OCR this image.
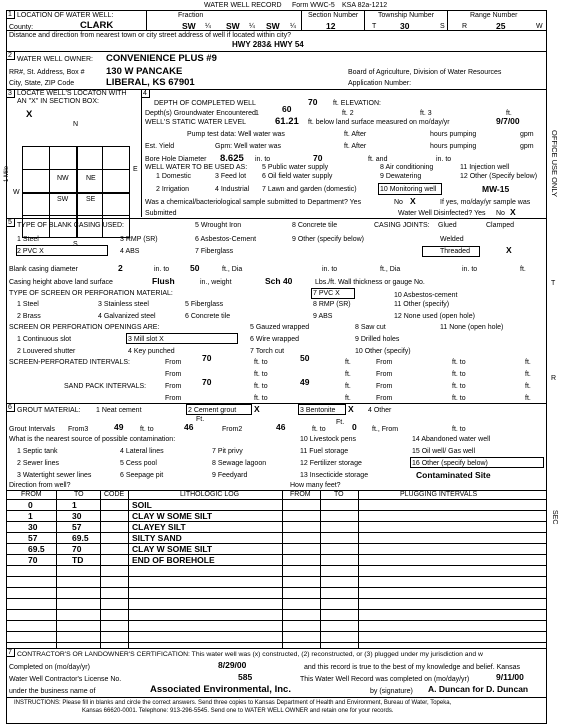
WATER WELL RECORD Form WWC-5 KSA 82a-1212
1 LOCATION OF WATER WELL:
County:	CLARK
Fraction
SW ¼ SW ¼ SW ¼
Section Number
12
Township Number
T	30	S
Range Number
R	25	W
Distance and direction from nearest town or city street address of well if located within city?
HWY 283& HWY 54
2
WATER WELL OWNER: CONVENIENCE PLUS #9
RR#, St. Address, Box # 130 W PANCAKE
City, State, ZIP Code	LIBERAL, KS 67901
Board of Agriculture, Division of Water Resources
Application Number:
3 LOCATE WELL'S LOCATON WITH
AN "X" IN SECTION BOX:
X
N
S
W
E
1 Mile	NW NE
SW	SE
4
DEPTH OF COMPLETED WELL	70 ft. ELEVATION:
Depth(s) Groundwater Encountered 1	60	ft. 2	ft. 3	ft.
WELL'S STATIC WATER LEVEL	61.21 ft. below land surface measured on mo/day/yr	9/7/00
Pump test data: Well water was	ft. After	hours pumping	gpm
Est. Yield	Gpm: Well water was	ft. After	hours pumping	gpm
Bore Hole Diameter 8.625 in. to	70	ft. and	in. to
WELL WATER TO BE USED AS: 5 Public water supply	8 Air conditioning	11 Injection well
1 Domestic	3 Feed lot 6 Oil field water supply	9 Dewatering	12 Other (Specify below)
2 Irrigation	4 Industrial 7 Lawn and garden (domestic)	10 Monitoring well	MW-15
Was a chemical/bacteriological sample submitted to Department? Yes	No X	If yes, mo/day/yr sample was
Submitted	Water Well Disinfected? Yes No X
5 TYPE OF BLANK CASING USED:
1 Steel
2 PVC X
3 RMP (SR)
4 ABS
5 Wrought Iron
6 Asbestos-Cement
7 Fiberglass
8 Concrete tile
9 Other (specify below)
CASING JOINTS: Glued	Clamped
Welded
Threaded	X
Blank casing diameter	2	in. to 50	ft., Dia	in. to	ft., Dia	in. to	ft.
Casing height above land surface	Flush	in., weight	Sch 40	Lbs./ft. Wall thickness or gauge No.
TYPE OF SCREEN OR PERFORATION MATERIAL:
1 Steel
2 Brass
3 Stainless steel
4 Galvanized steel
5 Fiberglass
6 Concrete tile
7 PVC X
8 RMP (SR)
9 ABS
10 Asbestos-cement
11 Other (specify)
12 None used (open hole)
SCREEN OR PERFORATION OPENINGS ARE:
1 Continuous slot
2 Louvered shutter
3 Mill slot X
4 Key punched
5 Gauzed wrapped
6 Wire wrapped
7 Torch cut
8 Saw cut
9 Drilled holes
10 Other (specify)
11 None (open hole)
SCREEN-PERFORATED INTERVALS:	From 70	ft. to	50	ft.	From	ft. to	ft.
From	ft. to	ft.	From	ft. to	ft.
SAND PACK INTERVALS:	From 70	ft. to	49	ft.	From	ft. to	ft.
From	ft. to	ft.	From	ft. to	ft.
6 GROUT MATERIAL: 1 Neat cement	2 Cement grout X	3 Bentonite X 4 Other
Ft.
Grout Intervals From3	49 ft. to	46	From2	46	Ft.
ft. to	0 ft., From	ft. to
What is the nearest source of possible contamination:
1 Septic tank
2 Sewer lines
3 Watertight sewer lines
4 Lateral lines
5 Cess pool
6 Seepage pit
7 Pit privy
8 Sewage lagoon
9 Feedyard
10 Livestock pens
11 Fuel storage
12 Fertilizer storage
13 Insecticide storage
14 Abandoned water well
15 Oil well/ Gas well
16 Other (specify below)
Contaminated Site
Direction from well?	How many feet?
FROM	TO	CODE	LITHOLOGIC LOG	FROM	TO	PLUGGING INTERVALS
0	1	SOIL
1	30	CLAY W SOME SILT
30	57	CLAYEY SILT
57	69.5	SILTY SAND
69.5	70	CLAY W SOME SILT
70	TD	END OF BOREHOLE
7 CONTRACTOR'S OR LANDOWNER'S CERTIFICATION: This water well was (x) constructed, (2) reconstructed, or (3) plugged under my jurisdiction and w
Completed on (mo/day/yr)	8/29/00	and this record is true to the best of my knowledge and belief. Kansas
Water Well Contractor's License No.	585	This Water Well Record was completed on (mo/day/yr)	9/11/00
under the business name of	Associated Environmental, Inc.	by (signature) A. Duncan for D. Duncan
INSTRUCTIONS: Please fill in blanks and circle the correct answers. Send three copies to Kansas Department of Health and Environment, Bureau of Water, Topeka,
Kansas 66620-0001. Telephone: 913-296-5545. Send one to WATER WELL OWNER and retain one for your records.
OFFICE USE ONLY
T
R
SEC
